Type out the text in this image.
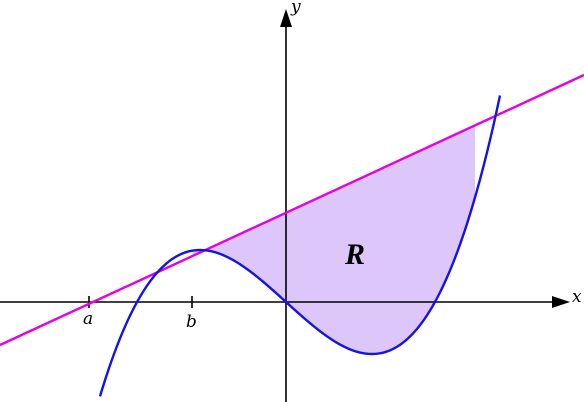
x
y
a	b
R
